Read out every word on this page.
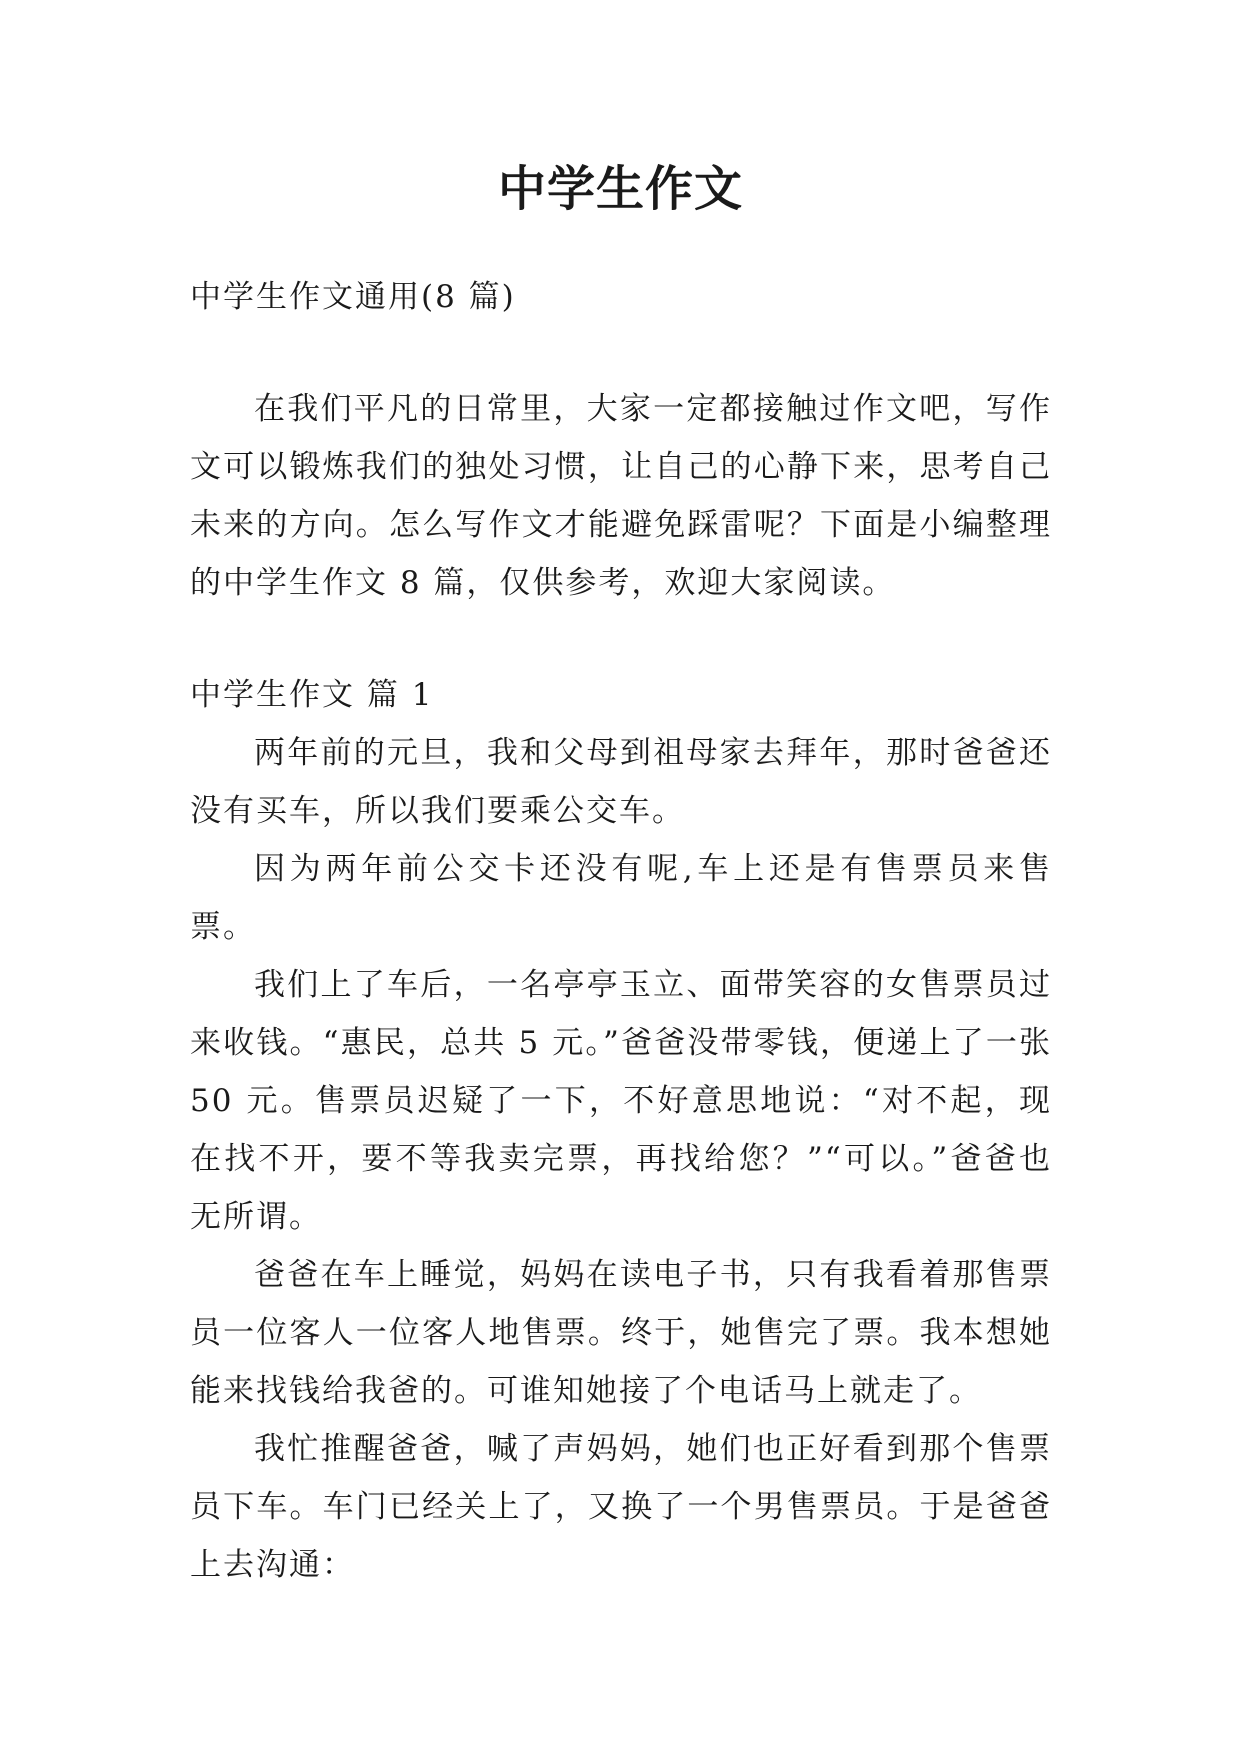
中学生作文

中学生作文通用(8 篇)

在我们平凡的日常里，大家一定都接触过作文吧，写作文可以锻炼我们的独处习惯，让自己的心静下来，思考自己未来的方向。怎么写作文才能避免踩雷呢？下面是小编整理的中学生作文 8 篇，仅供参考，欢迎大家阅读。

中学生作文 篇 1

两年前的元旦，我和父母到祖母家去拜年，那时爸爸还没有买车，所以我们要乘公交车。

因为两年前公交卡还没有呢,车上还是有售票员来售票。

我们上了车后，一名亭亭玉立、面带笑容的女售票员过来收钱。“惠民，总共 5 元。”爸爸没带零钱，便递上了一张 50 元。售票员迟疑了一下，不好意思地说：“对不起，现在找不开，要不等我卖完票，再找给您？”“可以。”爸爸也无所谓。

爸爸在车上睡觉，妈妈在读电子书，只有我看着那售票员一位客人一位客人地售票。终于，她售完了票。我本想她能来找钱给我爸的。可谁知她接了个电话马上就走了。

我忙推醒爸爸，喊了声妈妈，她们也正好看到那个售票员下车。车门已经关上了，又换了一个男售票员。于是爸爸上去沟通：
